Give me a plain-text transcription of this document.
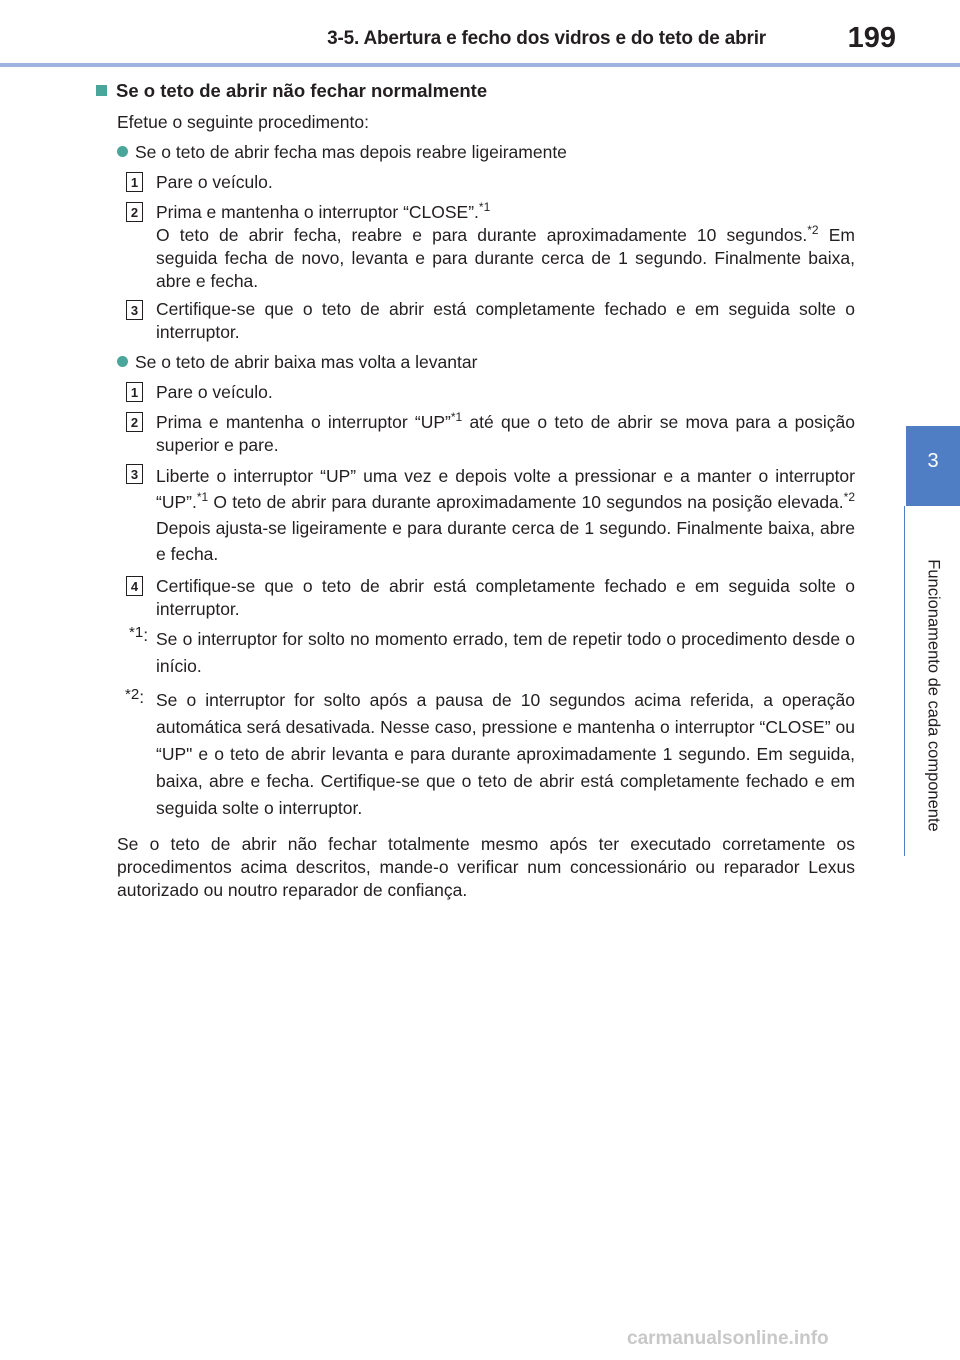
3-5. Abertura e fecho dos vidros e do teto de abrir	199
3
Funcionamento de cada componente
Se o teto de abrir não fechar normalmente
Efetue o seguinte procedimento:
Se o teto de abrir fecha mas depois reabre ligeiramente
1 Pare o veículo.
2 Prima e mantenha o interruptor “CLOSE”.$^{*1}$
O teto de abrir fecha, reabre e para durante aproximadamente 10 segundos.$^{*2}$ Em seguida fecha de novo, levanta e para durante cerca de 1 segundo. Finalmente baixa, abre e fecha.
3 Certifique-se que o teto de abrir está completamente fechado e em seguida solte o interruptor.
Se o teto de abrir baixa mas volta a levantar
1 Pare o veículo.
2 Prima e mantenha o interruptor “UP”$^{*1}$ até que o teto de abrir se mova para a posição superior e pare.
3 Liberte o interruptor “UP” uma vez e depois volte a pressionar e a manter o interruptor “UP”.$^{*1}$ O teto de abrir para durante aproximadamente 10 segundos na posição elevada.$^{*2}$ Depois ajusta-se ligeiramente e para durante cerca de 1 segundo. Finalmente baixa, abre e fecha.
4 Certifique-se que o teto de abrir está completamente fechado e em seguida solte o interruptor.
$^{*1}$: Se o interruptor for solto no momento errado, tem de repetir todo o procedimento desde o início.
$^{*2}$: Se o interruptor for solto após a pausa de 10 segundos acima referida, a operação automática será desativada. Nesse caso, pressione e mantenha o interruptor “CLOSE” ou “UP" e o teto de abrir levanta e para durante aproximadamente 1 segundo. Em seguida, baixa, abre e fecha. Certifique-se que o teto de abrir está completamente fechado e em seguida solte o interruptor.
Se o teto de abrir não fechar totalmente mesmo após ter executado corretamente os procedimentos acima descritos, mande-o verificar num concessionário ou reparador Lexus autorizado ou noutro reparador de confiança.
carmanualsonline.info
